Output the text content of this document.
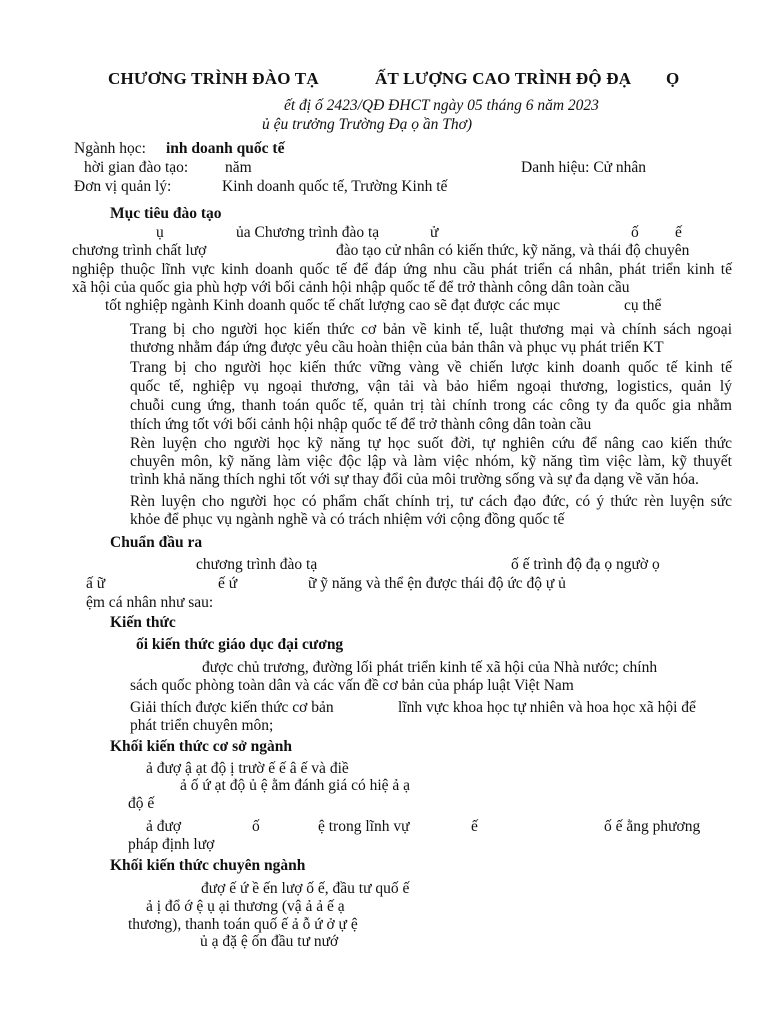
CHƯƠNG TRÌNH ĐÀO TẠ	ẤT LƯỢNG CAO TRÌNH ĐỘ ĐẠ Ọ
ết đị ố 2423/QĐ ĐHCT ngày 05 tháng 6 năm 2023
ủ ệu trưởng Trường Đạ ọ ần Thơ)
Ngành học: inh doanh quốc tế
hời gian đào tạo: năm	Danh hiệu: Cử nhân
Đơn vị quản lý:	Kinh doanh quốc tế, Trường Kinh tế
Mục tiêu đào tạo
ụ	ủa Chương trình đào tạ	ử	ố ế
chương trình chất lượ	đào tạo cử nhân có kiến thức, kỹ năng, và thái độ chuyên
nghiệp thuộc lĩnh vực kinh doanh quốc tế để đáp ứng nhu cầu phát triển cá nhân, phát triển kinh tế
xã hội của quốc gia phù hợp với bối cảnh hội nhập quốc tế để trở thành công dân toàn cầu
tốt nghiệp ngành Kinh doanh quốc tế chất lượng cao sẽ đạt được các mục	cụ thể
Trang bị cho người học kiến thức cơ bản về kinh tế, luật thương mại và chính sách ngoại
thương nhằm đáp ứng được yêu cầu hoàn thiện của bản thân và phục vụ phát triển KT
Trang bị cho người học kiến thức vững vàng về chiến lược kinh doanh quốc tế kinh tế
quốc tế, nghiệp vụ ngoại thương, vận tải và bảo hiểm ngoại thương, logistics, quản lý
chuỗi cung ứng, thanh toán quốc tế, quản trị tài chính trong các công ty đa quốc gia nhằm
thích ứng tốt với bối cảnh hội nhập quốc tế để trở thành công dân toàn cầu
Rèn luyện cho người học kỹ năng tự học suốt đời, tự nghiên cứu để nâng cao kiến thức
chuyên môn, kỹ năng làm việc độc lập và làm việc nhóm, kỹ năng tìm việc làm, kỹ thuyết
trình khả năng thích nghi tốt với sự thay đổi của môi trường sống và sự đa dạng về văn hóa.
Rèn luyện cho người học có phẩm chất chính trị, tư cách đạo đức, có ý thức rèn luyện sức
khỏe để phục vụ ngành nghề và có trách nhiệm với cộng đồng quốc tế
Chuẩn đầu ra
chương trình đào tạ	ố ế trình độ đạ ọ ngườ ọ
ấ ữ	ế ứ	ữ ỹ năng và thể ện được thái độ ức độ ự ủ
ệm cá nhân như sau:
Kiến thức
ối kiến thức giáo dục đại cương
được chủ trương, đường lối phát triển kinh tế xã hội của Nhà nước; chính
sách quốc phòng toàn dân và các vấn đề cơ bản của pháp luật Việt Nam
Giải thích được kiến thức cơ bản	lĩnh vực khoa học tự nhiên và hoa học xã hội để
phát triển chuyên môn;
Khối kiến thức cơ sở ngành
ả đượ ậ ạt độ ị trườ ế ế â ế và điề
ả ố ứ ạt độ ủ ệ ằm đánh giá có hiệ ả ạ
độ ế
ả đượ	ố	ệ trong lĩnh vự	ế	ố ế ằng phương
pháp định lượ
Khối kiến thức chuyên ngành
đượ ế ứ ề ến lượ ố ế, đầu tư quố ế
ả ị đổ ớ ệ ụ ại thương (vậ ả ả ế ạ
thương), thanh toán quố ế ả ỗ ứ ở ự ệ
ủ ạ đặ ệ ốn đầu tư nướ
